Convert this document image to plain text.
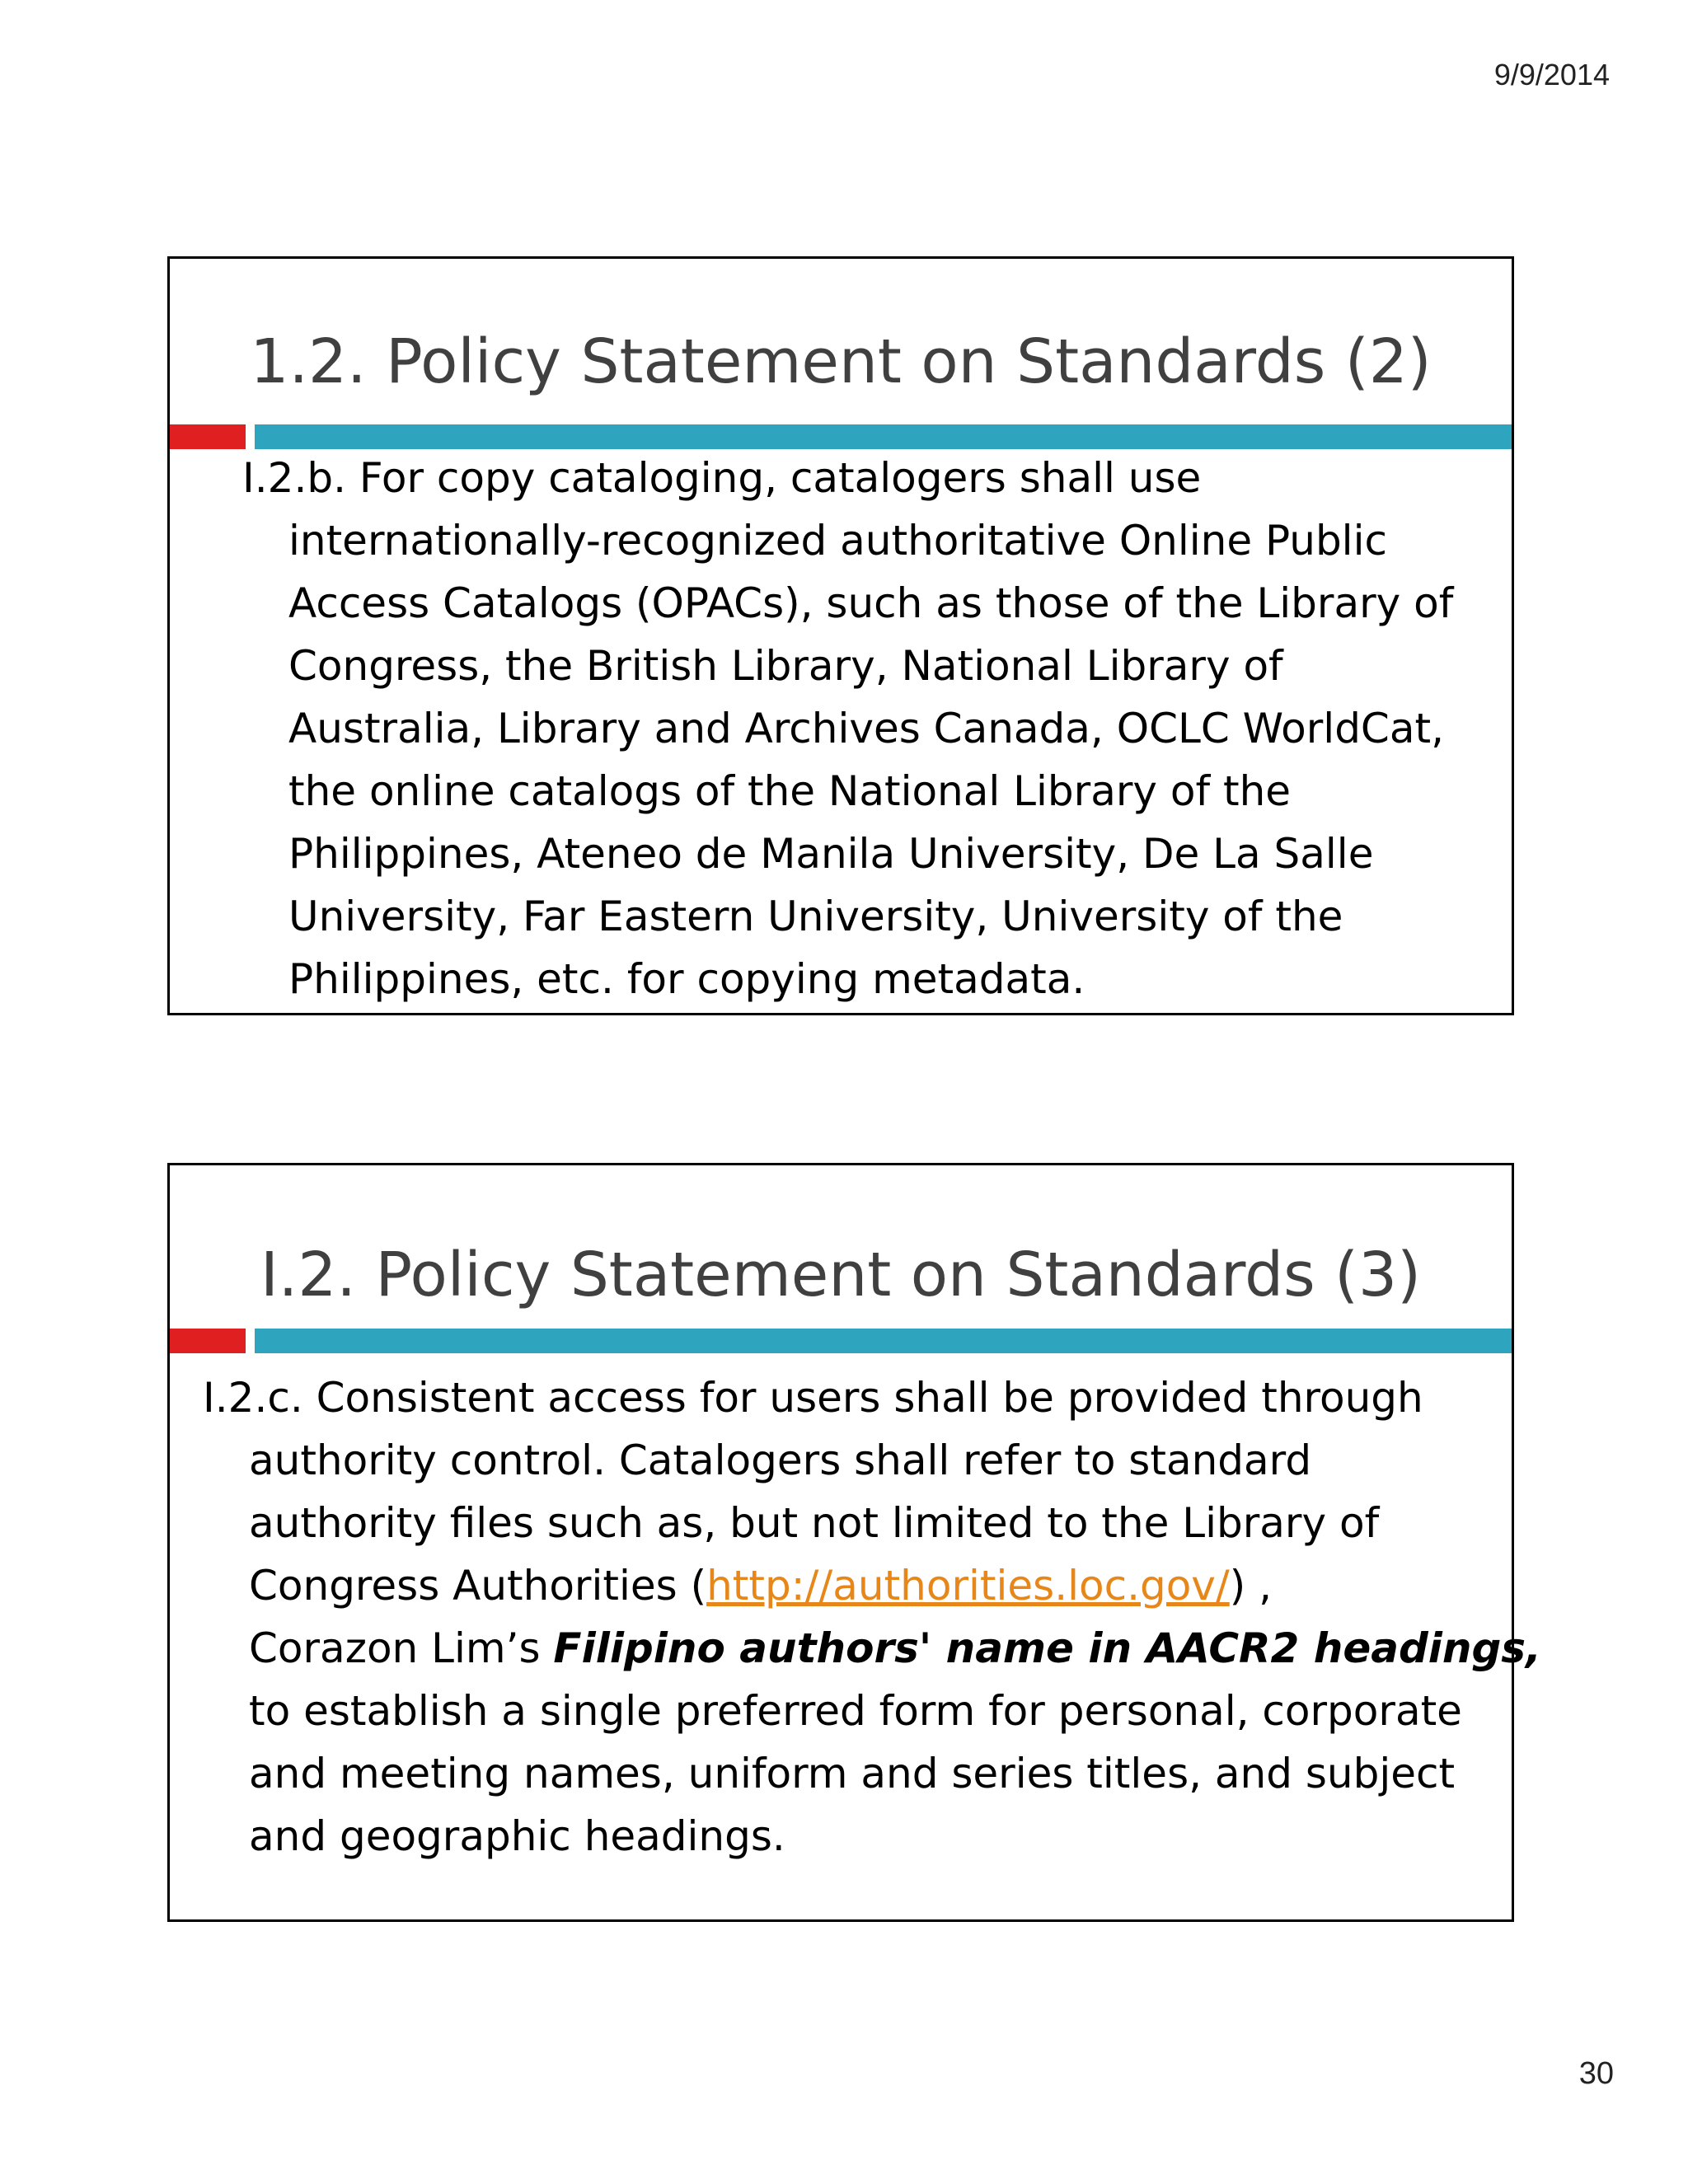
9/9/2014
1.2. Policy Statement on Standards (2)
I.2.b. For copy cataloging, catalogers shall use
internationally-recognized authoritative Online Public
Access Catalogs (OPACs), such as those of the Library of
Congress, the British Library, National Library of
Australia, Library and Archives Canada, OCLC WorldCat,
the online catalogs of the National Library of the
Philippines, Ateneo de Manila University, De La Salle
University, Far Eastern University, University of the
Philippines, etc. for copying metadata.
I.2. Policy Statement on Standards (3)
I.2.c. Consistent access for users shall be provided through
authority control. Catalogers shall refer to standard
authority files such as, but not limited to the Library of
Congress Authorities (http://authorities.loc.gov/) ,
Corazon Lim’s Filipino authors' name in AACR2 headings,
to establish a single preferred form for personal, corporate
and meeting names, uniform and series titles, and subject
and geographic headings.
30
